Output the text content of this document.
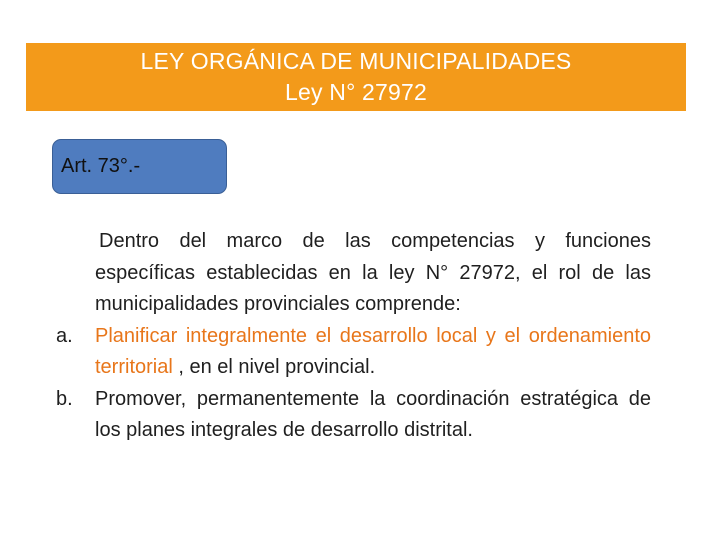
LEY ORGÁNICA DE MUNICIPALIDADES
Ley N° 27972
Art. 73°.-
Dentro del marco de las competencias y funciones específicas establecidas en la ley N° 27972, el rol de las municipalidades provinciales comprende:
a.	Planificar integralmente el desarrollo local y el ordenamiento territorial , en el nivel provincial.
b.	Promover, permanentemente la coordinación estratégica de los planes integrales de desarrollo distrital.
